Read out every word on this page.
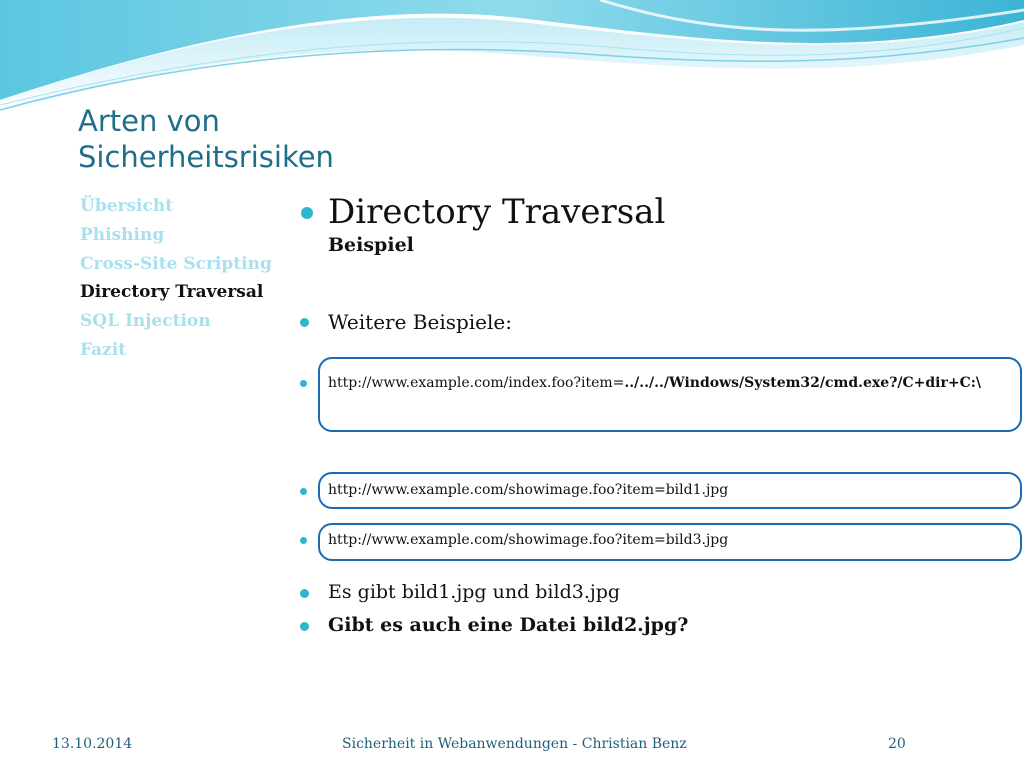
Arten von
Sicherheitsrisiken
Übersicht
Phishing
Cross-Site Scripting
Directory Traversal
SQL Injection
Fazit
Directory Traversal
Beispiel
Weitere Beispiele:
http://www.example.com/index.foo?item=../../../Windows/System32/cmd.exe?/C+dir+C:\
http://www.example.com/showimage.foo?item=bild1.jpg
http://www.example.com/showimage.foo?item=bild3.jpg
Es gibt bild1.jpg und bild3.jpg
Gibt es auch eine Datei bild2.jpg?
13.10.2014	Sicherheit in Webanwendungen - Christian Benz	20
